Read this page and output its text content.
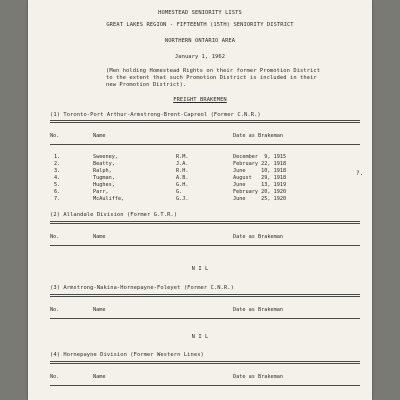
HOMESTEAD SENIORITY LISTS
GREAT LAKES REGION - FIFTEENTH (15TH) SENIORITY DISTRICT
NORTHERN ONTARIO AREA
January 1, 1962
(Men holding Homestead Rights on their former Promotion District
to the extent that such Promotion District is included in their
new Promotion District).
FREIGHT BRAKEMEN
(1) Toronto-Port Arthur-Armstrong-Brent-Capreol (Former C.N.R.)
No.	Name	Date as Brakeman
1.	Sweeney,	R.M.	December  9, 1915
2.	Beatty,	J.A.	February 22, 1918
3.	Ralph,	R.H.	June     10, 1918
4.	Tugman,	A.B.	August   29, 1918
5.	Hughes,	G.H.	June     13, 1919
6.	Parr,	G.	February 20, 1920
7.	McAuliffe,	G.J.	June     25, 1920
?.
(2) Allandale Division (Former G.T.R.)
No.	Name	Date as Brakeman
N I L
(3) Armstrong-Nakina-Hornepayne-Foleyet (Former C.N.R.)
No.	Name	Date as Brakeman
N I L
(4) Hornepayne Division (Former Western Lines)
No.	Name	Date as Brakeman
